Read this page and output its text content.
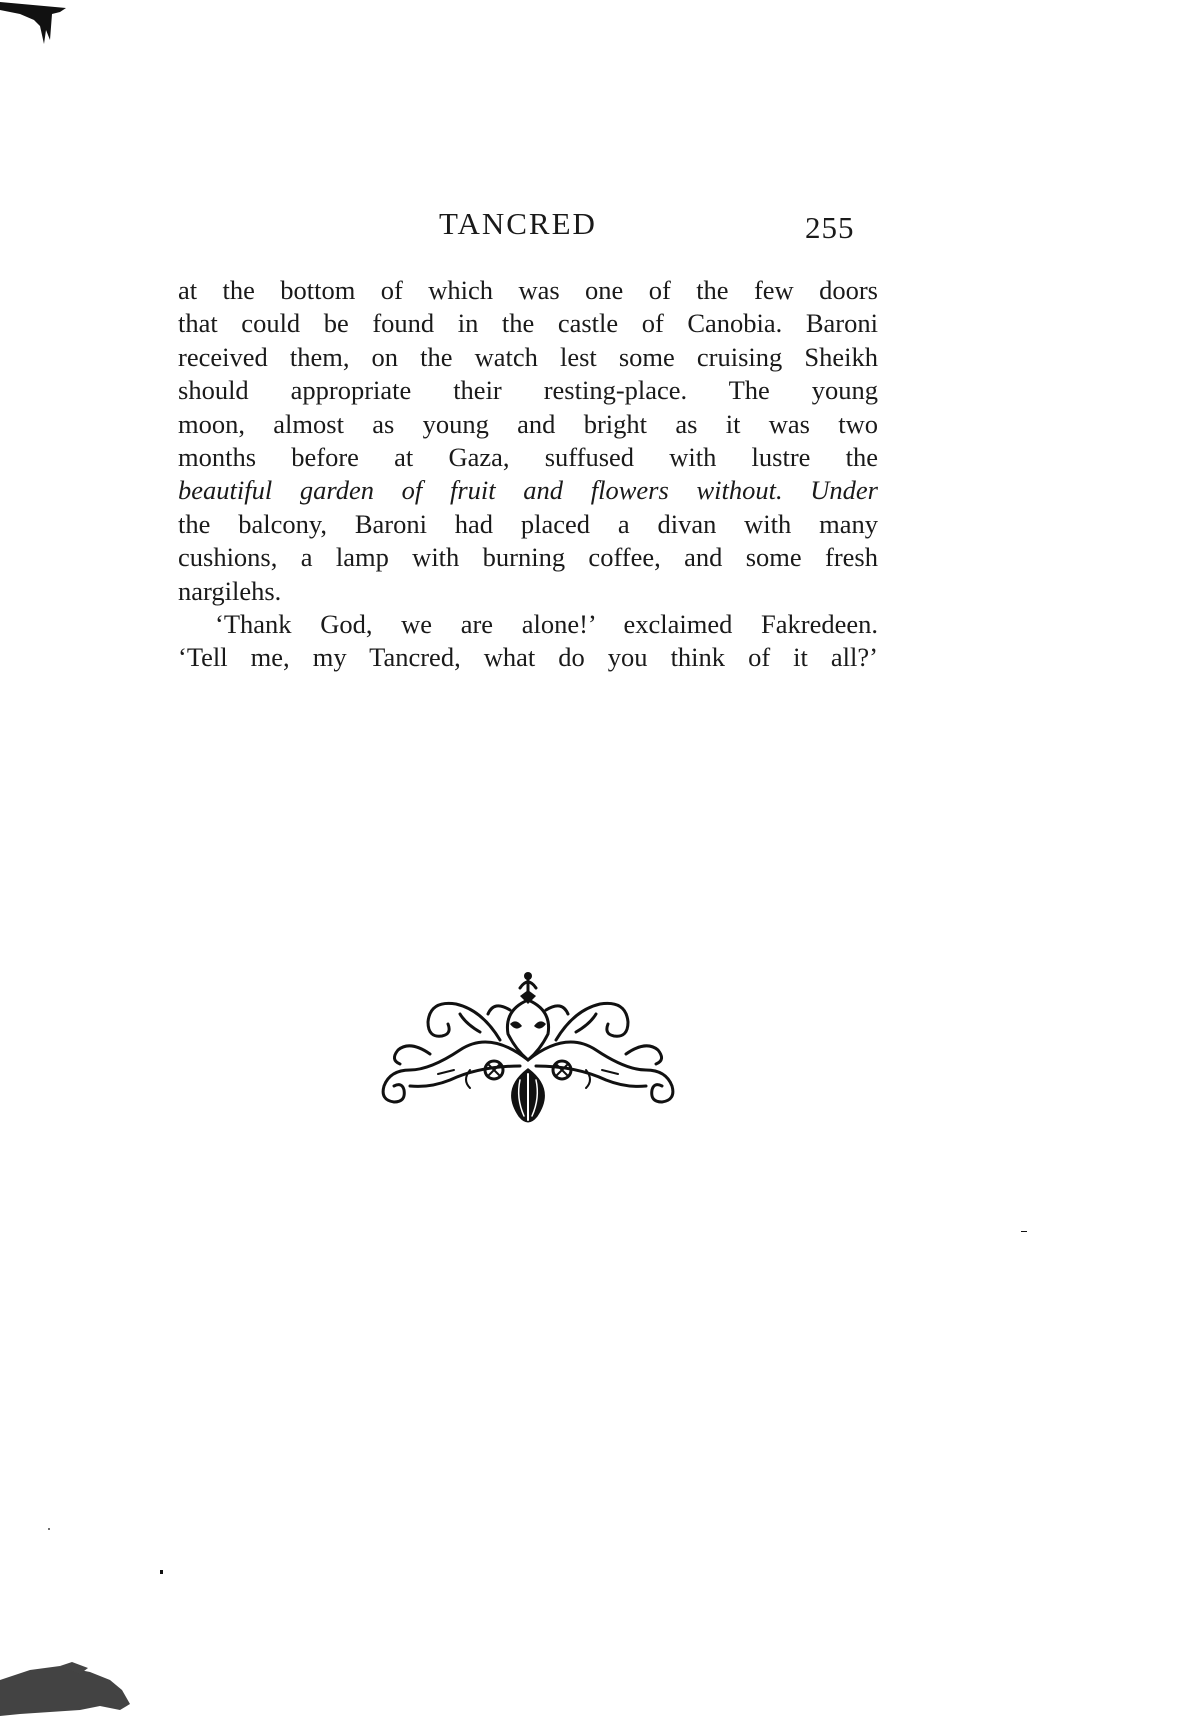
TANCRED	255
at the bottom of which was one of the few doors
that could be found in the castle of Canobia. Baroni
received them, on the watch lest some cruising Sheikh
should appropriate their resting-place. The young
moon, almost as young and bright as it was two
months before at Gaza, suffused with lustre the
beautiful garden of fruit and flowers without. Under
the balcony, Baroni had placed a divan with many
cushions, a lamp with burning coffee, and some fresh
nargilehs.
‘Thank God, we are alone!’ exclaimed Fakredeen.
‘Tell me, my Tancred, what do you think of it all?’
